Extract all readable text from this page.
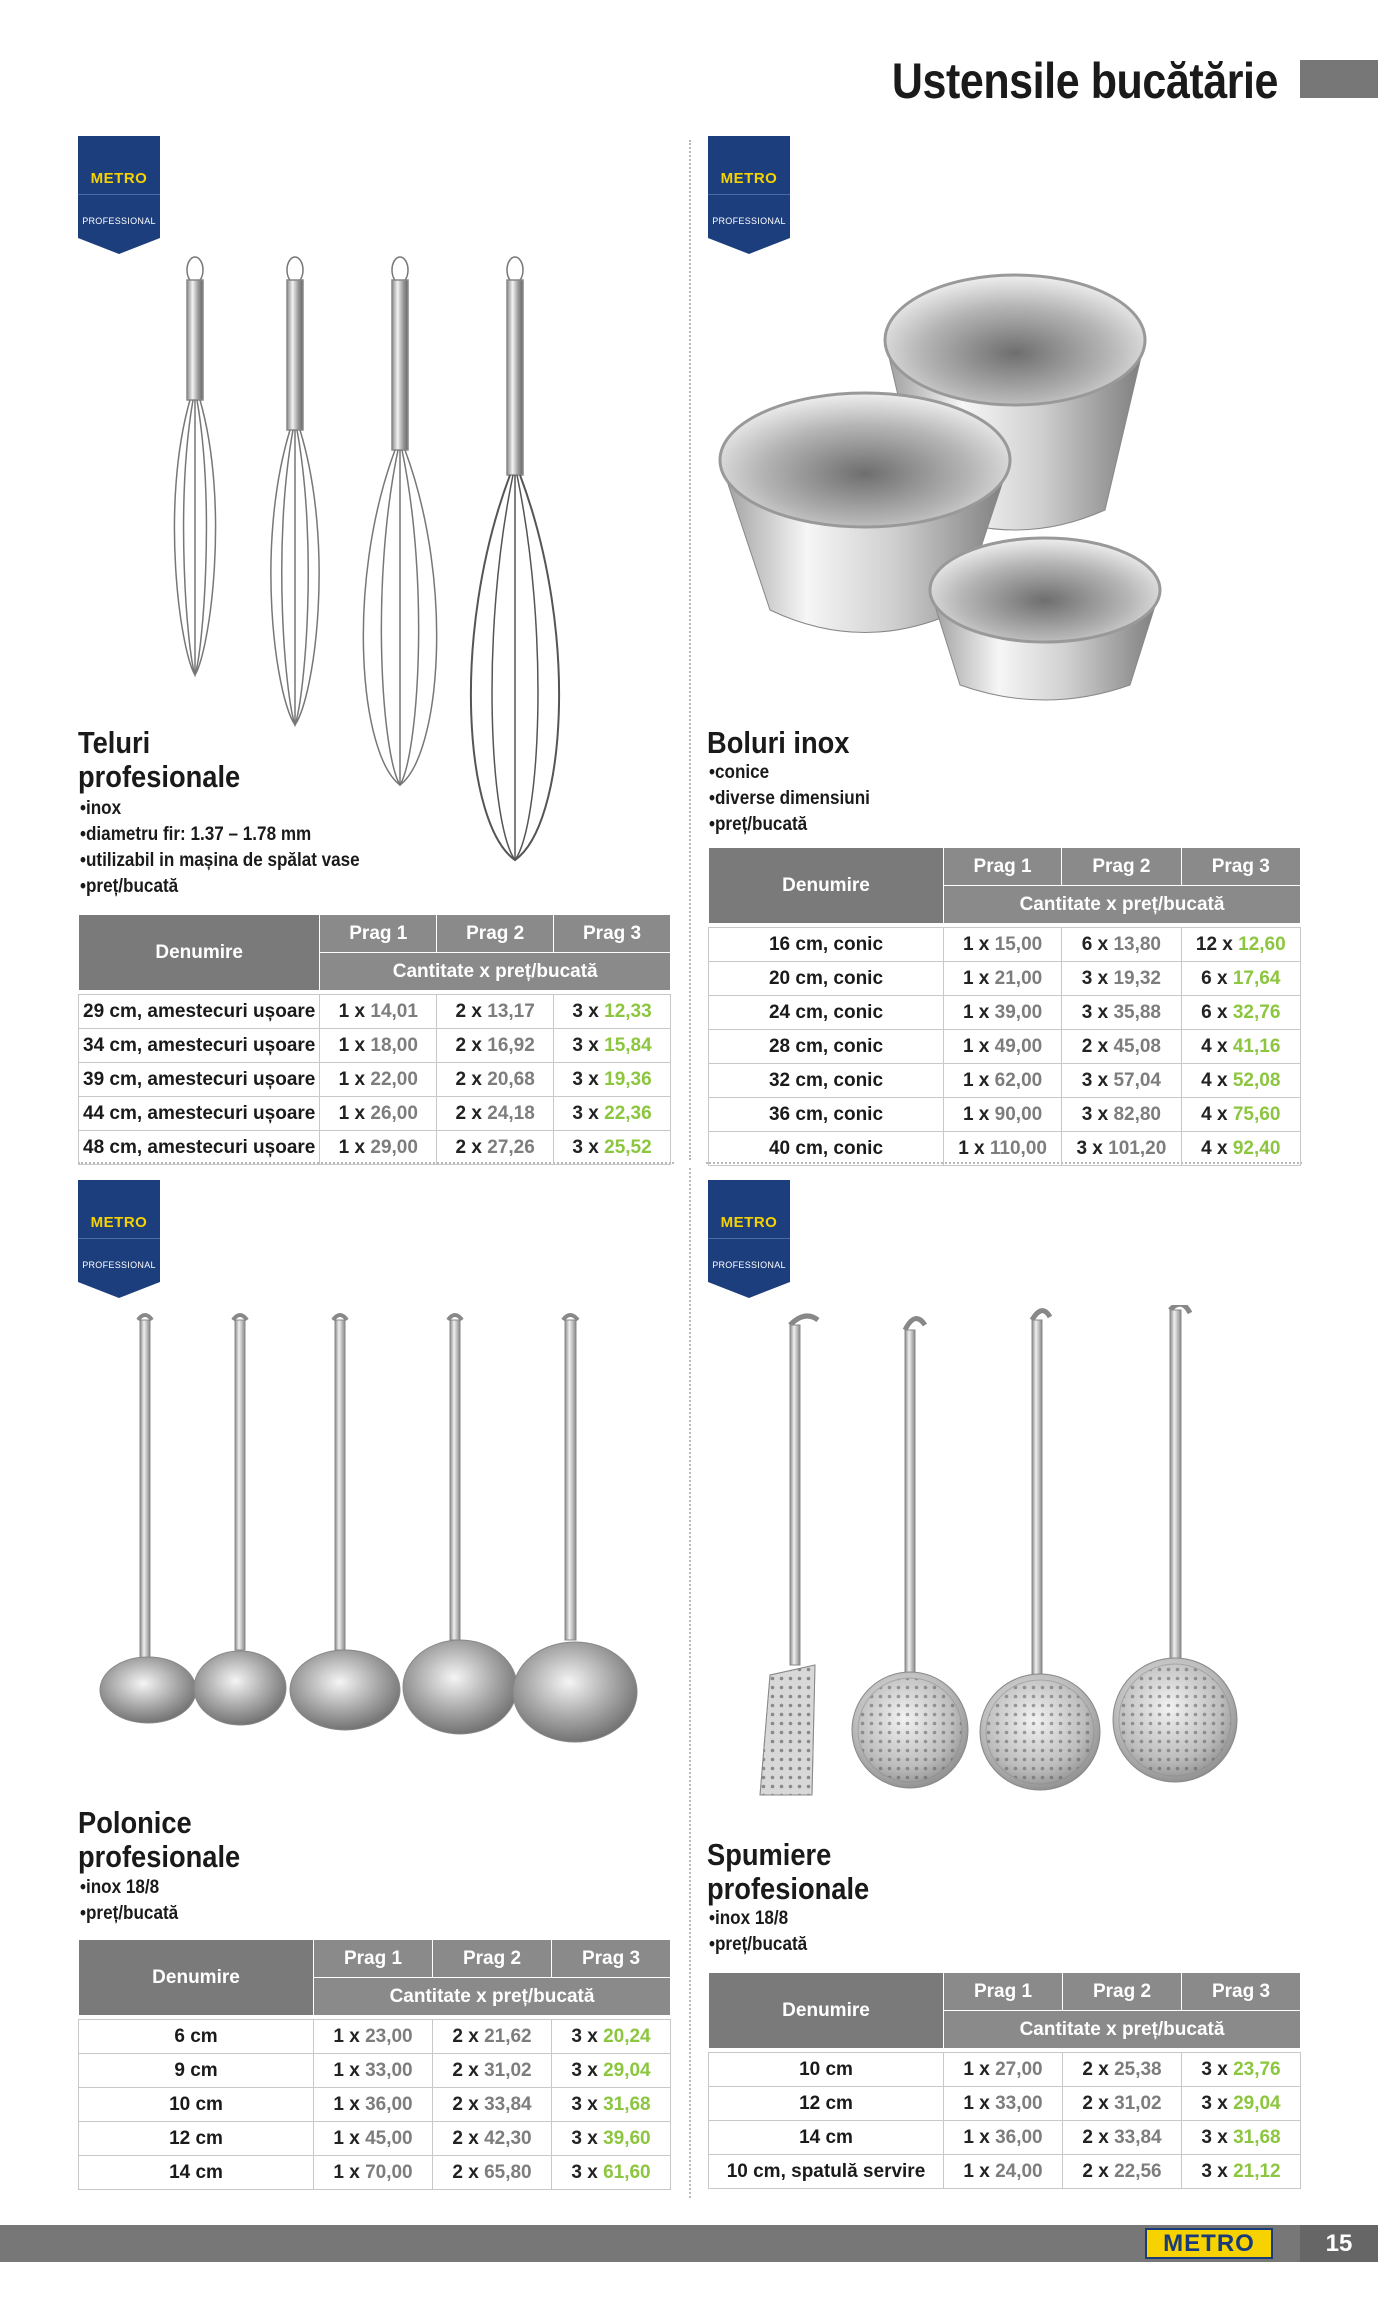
Ustensile bucătărie
METRO
PROFESSIONAL
METRO
PROFESSIONAL
METRO
PROFESSIONAL
METRO
PROFESSIONAL
Teluri
profesionale
• inox
• diametru fir: 1.37 – 1.78 mm
• utilizabil in mașina de spălat vase
• preț/bucată
Denumire	Prag 1	Prag 2	Prag 3
	Cantitate x preț/bucată		

29 cm, amestecuri ușoare	1 x 14,01	2 x 13,17	3 x 12,33
34 cm, amestecuri ușoare	1 x 18,00	2 x 16,92	3 x 15,84
39 cm, amestecuri ușoare	1 x 22,00	2 x 20,68	3 x 19,36
44 cm, amestecuri ușoare	1 x 26,00	2 x 24,18	3 x 22,36
48 cm, amestecuri ușoare	1 x 29,00	2 x 27,26	3 x 25,52
Boluri inox
• conice
• diverse dimensiuni
• preț/bucată
Denumire	Prag 1	Prag 2	Prag 3
	Cantitate x preț/bucată		

16 cm, conic	1 x 15,00	6 x 13,80	12 x 12,60
20 cm, conic	1 x 21,00	3 x 19,32	6 x 17,64
24 cm, conic	1 x 39,00	3 x 35,88	6 x 32,76
28 cm, conic	1 x 49,00	2 x 45,08	4 x 41,16
32 cm, conic	1 x 62,00	3 x 57,04	4 x 52,08
36 cm, conic	1 x 90,00	3 x 82,80	4 x 75,60
40 cm, conic	1 x 110,00	3 x 101,20	4 x 92,40
Polonice
profesionale
• inox 18/8
• preț/bucată
Denumire	Prag 1	Prag 2	Prag 3
	Cantitate x preț/bucată		

6 cm	1 x 23,00	2 x 21,62	3 x 20,24
9 cm	1 x 33,00	2 x 31,02	3 x 29,04
10 cm	1 x 36,00	2 x 33,84	3 x 31,68
12 cm	1 x 45,00	2 x 42,30	3 x 39,60
14 cm	1 x 70,00	2 x 65,80	3 x 61,60
Spumiere
profesionale
• inox 18/8
• preț/bucată
Denumire	Prag 1	Prag 2	Prag 3
	Cantitate x preț/bucată		

10 cm	1 x 27,00	2 x 25,38	3 x 23,76
12 cm	1 x 33,00	2 x 31,02	3 x 29,04
14 cm	1 x 36,00	2 x 33,84	3 x 31,68
10 cm, spatulă servire	1 x 24,00	2 x 22,56	3 x 21,12
METRO	15
